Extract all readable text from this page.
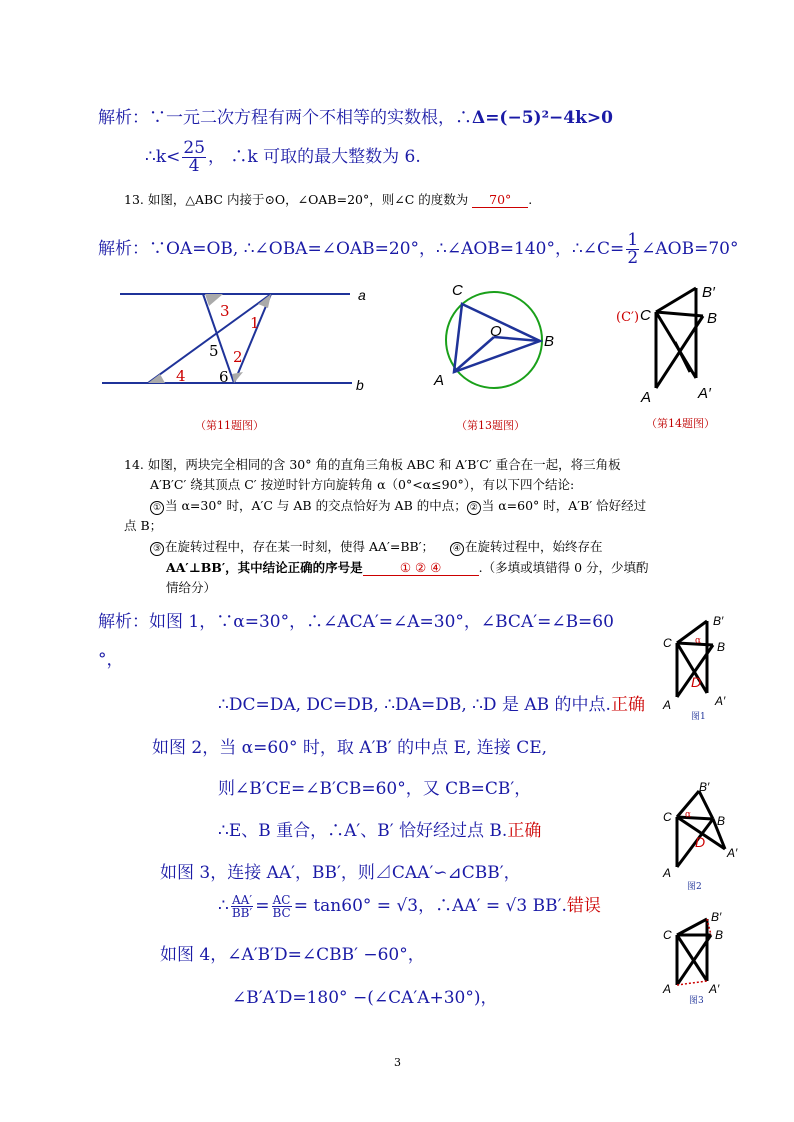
解析：∵一元二次方程有两个不相等的实数根，∴Δ=(−5)²−4k>0
∴k< $\frac{25}{4}$ ， ∴k 可取的最大整数为 6.
13. 如图，△ABC 内接于⊙O，∠OAB=20°，则∠C 的度数为 70° .
解析：∵OA=OB, ∴∠OBA=∠OAB=20°，∴∠AOB=140°，∴∠C= $\frac{1}{2}$ ∠AOB=70°
a
b
3
1
5 2
4 6
（第11题图）
C
O
B
A
（第13题图）
(C′) C
B′
B
A	A′
（第14题图）
14. 如图，两块完全相同的含 30° 角的直角三角板 ABC 和 A′B′C′ 重合在一起，将三角板
A′B′C′ 绕其顶点 C′ 按逆时针方向旋转角 α（0°<α≤90°），有以下四个结论:
① 当 α=30° 时，A′C 与 AB 的交点恰好为 AB 的中点； ② 当 α=60° 时，A′B′ 恰好经过
点 B；
③ 在旋转过程中，存在某一时刻，使得 AA′=BB′； ④ 在旋转过程中，始终存在
AA′⊥BB′，其中结论正确的序号是	① ② ④	.（多填或填错得 0 分，少填酌
情给分）
解析：如图 1，∵α=30°，∴∠ACA′=∠A=30°，∠BCA′=∠B=60
°，
∴DC=DA, DC=DB, ∴DA=DB, ∴D 是 AB 的中点.正确
如图 2，当 α=60° 时，取 A′B′ 的中点 E, 连接 CE,
则∠B′CE=∠B′CB=60°，又 CB=CB′，
∴E、B 重合，∴A′、B′ 恰好经过点 B.正确
如图 3，连接 AA′，BB′，则⊿CAA′∽⊿CBB′，
∴ $\frac{AA'}{BB'} = \frac{AC}{BC} = \tan 60^\circ = √3$，∴AA′ = √3 BB′.错误
如图 4，∠A′B′D=∠CBB′ −60°，
∠B′A′D=180° −(∠CA′A+30°)，
C
B′
B
α
D
A	A′
图1
C
B′
B
α
D
A
A′
图2
C
B′
B
A	A′
图3
3
